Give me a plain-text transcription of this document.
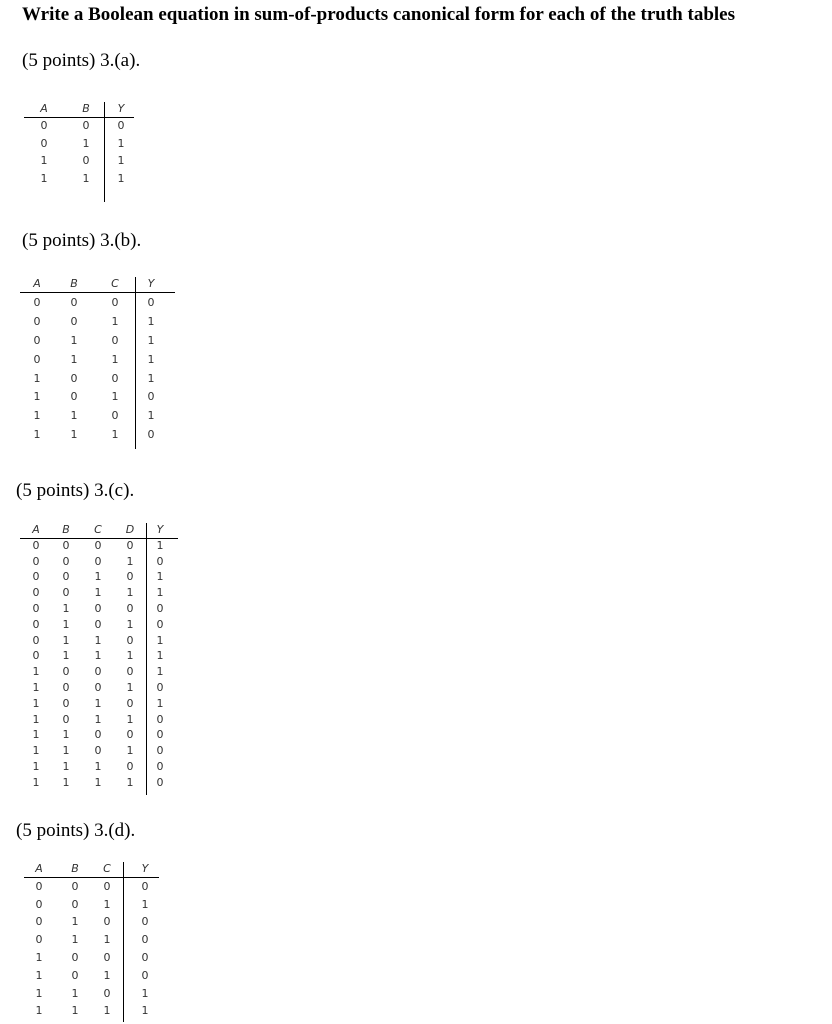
Write a Boolean equation in sum-of-products canonical form for each of the truth tables
(5 points) 3.(a).
A	B	Y
0	0	0
0	1	1
1	0	1
1	1	1
(5 points) 3.(b).
A	B	C	Y
0	0	0	0
0	0	1	1
0	1	0	1
0	1	1	1
1	0	0	1
1	0	1	0
1	1	0	1
1	1	1	0
(5 points) 3.(c).
A	B	C	D	Y
0	0	0	0	1
0	0	0	1	0
0	0	1	0	1
0	0	1	1	1
0	1	0	0	0
0	1	0	1	0
0	1	1	0	1
0	1	1	1	1
1	0	0	0	1
1	0	0	1	0
1	0	1	0	1
1	0	1	1	0
1	1	0	0	0
1	1	0	1	0
1	1	1	0	0
1	1	1	1	0
(5 points) 3.(d).
A	B	C	Y
0	0	0	0
0	0	1	1
0	1	0	0
0	1	1	0
1	0	0	0
1	0	1	0
1	1	0	1
1	1	1	1
